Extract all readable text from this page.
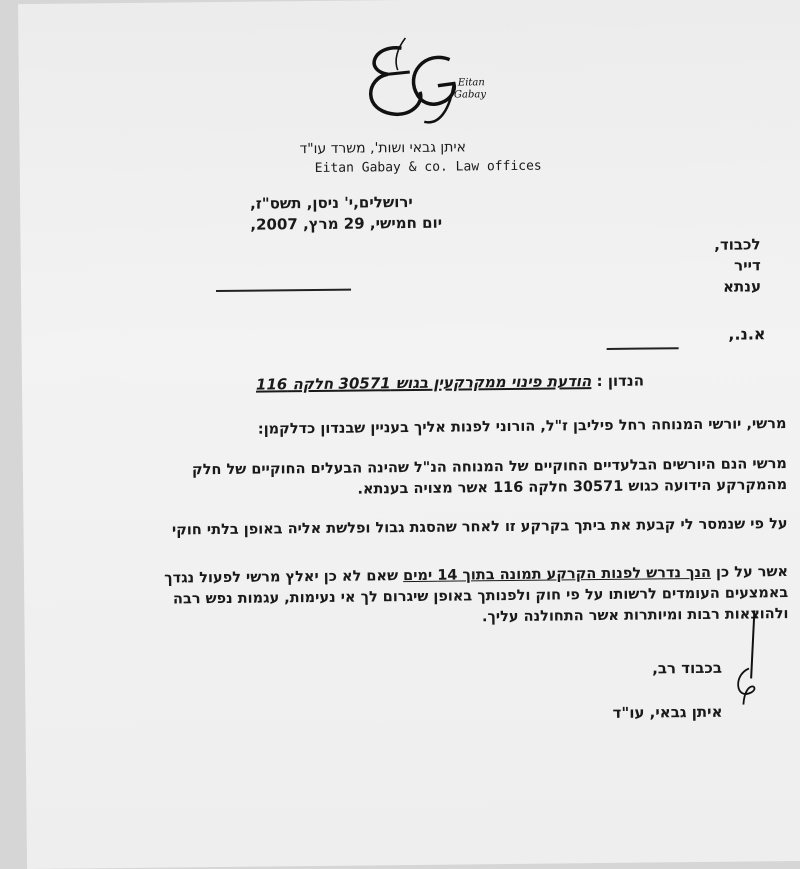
Eitan
Gabay
איתן גבאי ושות', משרד עו"ד
Eitan Gabay & co. Law offices
ירושלים,י' ניסן, תשס"ז,
יום חמישי, 29 מרץ, 2007,
לכבוד,
דייר
ענתא
א.נ.,
הנדון : הודעת פינוי ממקרקעין בגוש 30571 חלקה 116
מרשי, יורשי המנוחה רחל פיליבן ז"ל, הורוני לפנות אליך בעניין שבנדון כדלקמן:
מרשי הנם היורשים הבלעדיים החוקיים של המנוחה הנ"ל שהינה הבעלים החוקיים של חלק
מהמקרקע הידועה כגוש 30571 חלקה 116 אשר מצויה בענתא.
על פי שנמסר לי קבעת את ביתך בקרקע זו לאחר שהסגת גבול ופלשת אליה באופן בלתי חוקי
אשר על כן הנך נדרש לפנות הקרקע תמונה בתוך 14 ימים שאם לא כן יאלץ מרשי לפעול נגדך
באמצעים העומדים לרשותו על פי חוק ולפנותך באופן שיגרום לך אי נעימות, עגמות נפש רבה
ולהוצאות רבות ומיותרות אשר התחולנה עליך.
בכבוד רב,
איתן גבאי, עו"ד
